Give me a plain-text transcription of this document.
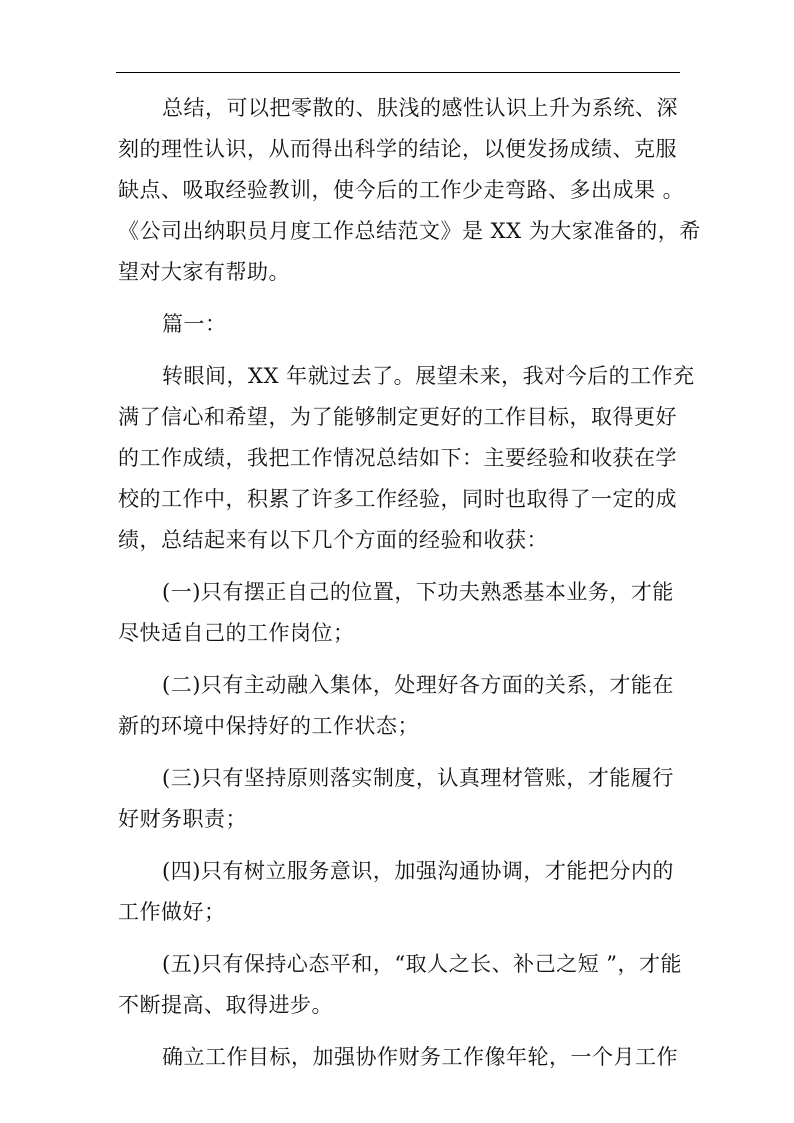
总结，可以把零散的、肤浅的感性认识上升为系统、深
刻的理性认识，从而得出科学的结论，以便发扬成绩、克服
缺点、吸取经验教训，使今后的工作少走弯路、多出成果 。
《公司出纳职员月度工作总结范文》是 XX 为大家准备的，希
望对大家有帮助。

篇一：

转眼间，XX 年就过去了。展望未来，我对今后的工作充
满了信心和希望，为了能够制定更好的工作目标，取得更好
的工作成绩，我把工作情况总结如下：主要经验和收获在学
校的工作中，积累了许多工作经验，同时也取得了一定的成
绩，总结起来有以下几个方面的经验和收获：

(一)只有摆正自己的位置，下功夫熟悉基本业务，才能
尽快适自己的工作岗位；

(二)只有主动融入集体，处理好各方面的关系，才能在
新的环境中保持好的工作状态；

(三)只有坚持原则落实制度，认真理材管账，才能履行
好财务职责；

(四)只有树立服务意识，加强沟通协调，才能把分内的
工作做好；

(五)只有保持心态平和，“取人之长、补己之短 ”，才能
不断提高、取得进步。

确立工作目标，加强协作财务工作像年轮，一个月工作
